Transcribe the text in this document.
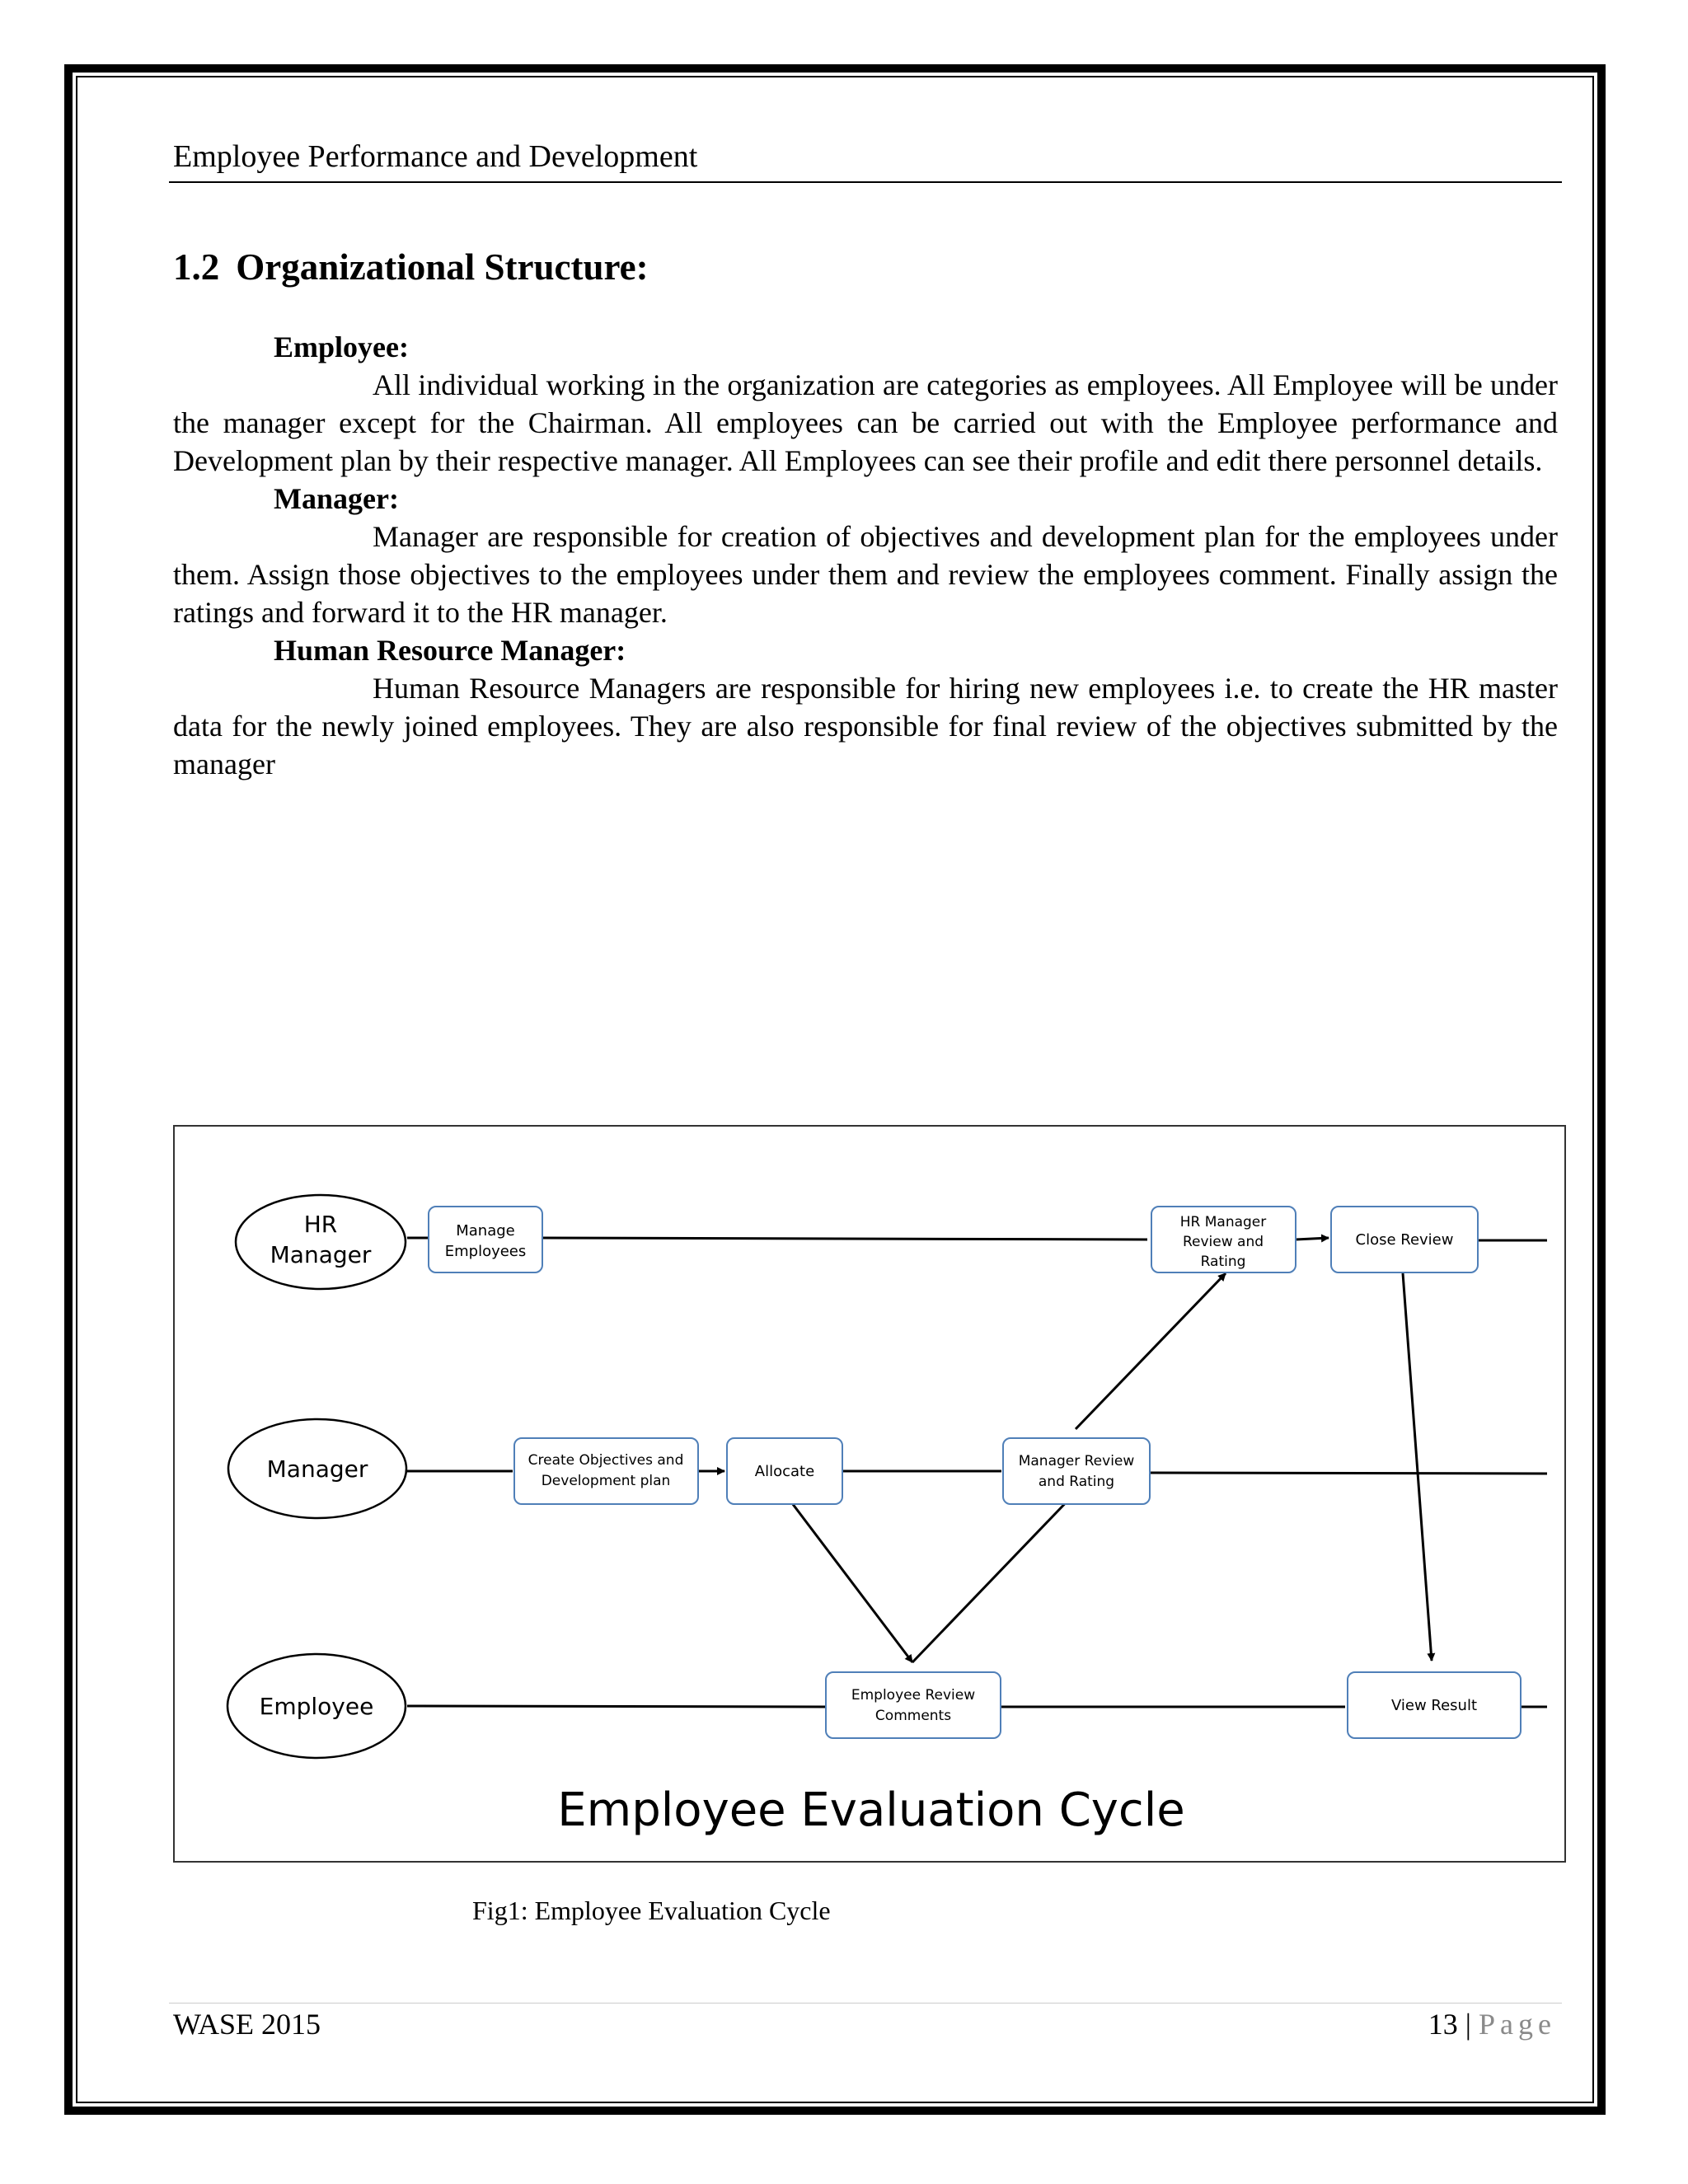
Employee Performance and Development
1.2 Organizational Structure:
Employee:
All individual working in the organization are categories as employees. All Employee will be under the manager except for the Chairman. All employees can be carried out with the Employee performance and Development plan by their respective manager. All Employees can see their profile and edit there personnel details.
Manager:
Manager are responsible for creation of objectives and development plan for the employees under them. Assign those objectives to the employees under them and review the employees comment. Finally assign the ratings and forward it to the HR manager.
Human Resource Manager:
Human Resource Managers are responsible for hiring new employees i.e. to create the HR master data for the newly joined employees. They are also responsible for final review of the objectives submitted by the manager
HR
Manager
Manager
Employee
Manage
Employees
HR Manager
Review and
Rating
Close Review
Create Objectives and
Development plan
Allocate
Manager Review
and Rating
Employee Review
Comments
View Result
Employee Evaluation Cycle
Fig1: Employee Evaluation Cycle
WASE 2015	13 | Page
